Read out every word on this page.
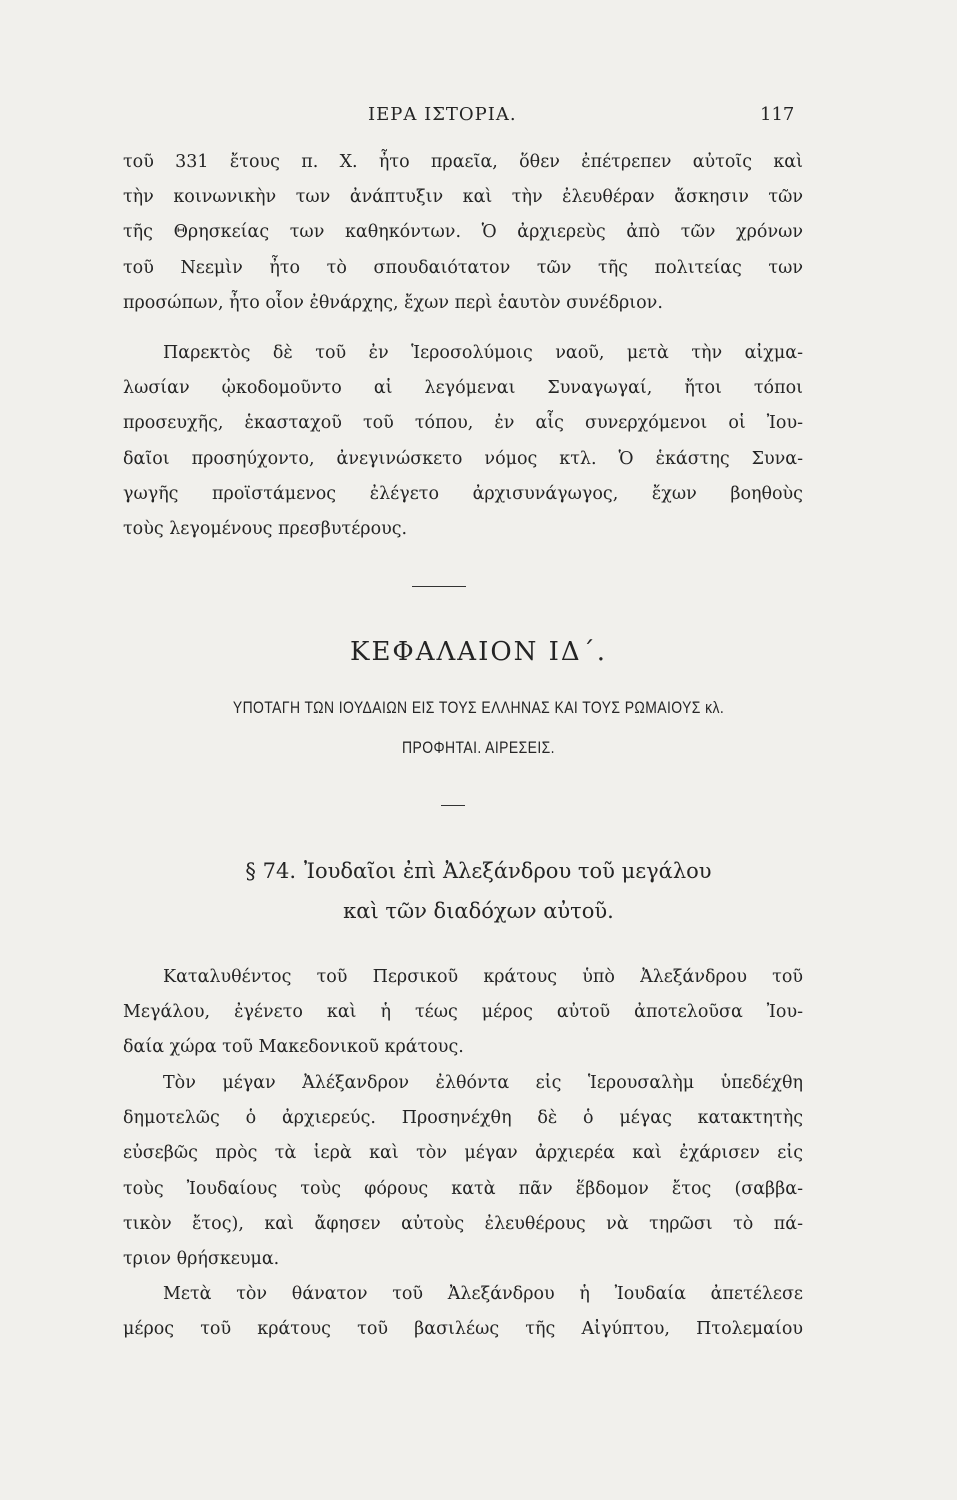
ΙΕΡΑ ΙΣΤΟΡΙΑ.	117
τοῦ 331 ἔτους π. Χ. ἦτο πραεῖα, ὅθεν ἐπέτρεπεν αὐτοῖς καὶ
τὴν κοινωνικὴν των ἀνάπτυξιν καὶ τὴν ἐλευθέραν ἄσκησιν τῶν
τῆς Θρησκείας των καθηκόντων. Ὁ ἀρχιερεὺς ἀπὸ τῶν χρόνων
τοῦ Νεεμὶν ἦτο τὸ σπουδαιότατον τῶν τῆς πολιτείας των
προσώπων, ἦτο οἷον ἐθνάρχης, ἔχων περὶ ἑαυτὸν συνέδριον.
Παρεκτὸς δὲ τοῦ ἐν Ἱεροσολύμοις ναοῦ, μετὰ τὴν αἰχμα-
λωσίαν ᾠκοδομοῦντο αἱ λεγόμεναι Συναγωγαί, ἤτοι τόποι
προσευχῆς, ἑκασταχοῦ τοῦ τόπου, ἐν αἷς συνερχόμενοι οἱ Ἰου-
δαῖοι προσηύχοντο, ἀνεγινώσκετο νόμος κτλ. Ὁ ἑκάστης Συνα-
γωγῆς προϊστάμενος ἐλέγετο ἀρχισυνάγωγος, ἔχων βοηθοὺς
τοὺς λεγομένους πρεσβυτέρους.
ΚΕΦΑΛΑΙΟΝ ΙΔ΄.
ΥΠΟΤΑΓΗ ΤΩΝ ΙΟΥΔΑΙΩΝ ΕΙΣ ΤΟΥΣ ΕΛΛΗΝΑΣ ΚΑΙ ΤΟΥΣ ΡΩΜΑΙΟΥΣ κλ.
ΠΡΟΦΗΤΑΙ. ΑΙΡΕΣΕΙΣ.
§ 74. Ἰουδαῖοι ἐπὶ Ἀλεξάνδρου τοῦ μεγάλου
καὶ τῶν διαδόχων αὐτοῦ.
Καταλυθέντος τοῦ Περσικοῦ κράτους ὑπὸ Ἀλεξάνδρου τοῦ
Μεγάλου, ἐγένετο καὶ ἡ τέως μέρος αὐτοῦ ἀποτελοῦσα Ἰου-
δαία χώρα τοῦ Μακεδονικοῦ κράτους.
Τὸν μέγαν Ἀλέξανδρον ἐλθόντα εἰς Ἱερουσαλὴμ ὑπεδέχθη
δημοτελῶς ὁ ἀρχιερεύς. Προσηνέχθη δὲ ὁ μέγας κατακτητὴς
εὐσεβῶς πρὸς τὰ ἱερὰ καὶ τὸν μέγαν ἀρχιερέα καὶ ἐχάρισεν εἰς
τοὺς Ἰουδαίους τοὺς φόρους κατὰ πᾶν ἕβδομον ἔτος (σαββα-
τικὸν ἔτος), καὶ ἄφησεν αὐτοὺς ἐλευθέρους νὰ τηρῶσι τὸ πά-
τριον θρήσκευμα.
Μετὰ τὸν θάνατον τοῦ Ἀλεξάνδρου ἡ Ἰουδαία ἀπετέλεσε
μέρος τοῦ κράτους τοῦ βασιλέως τῆς Αἰγύπτου, Πτολεμαίου
